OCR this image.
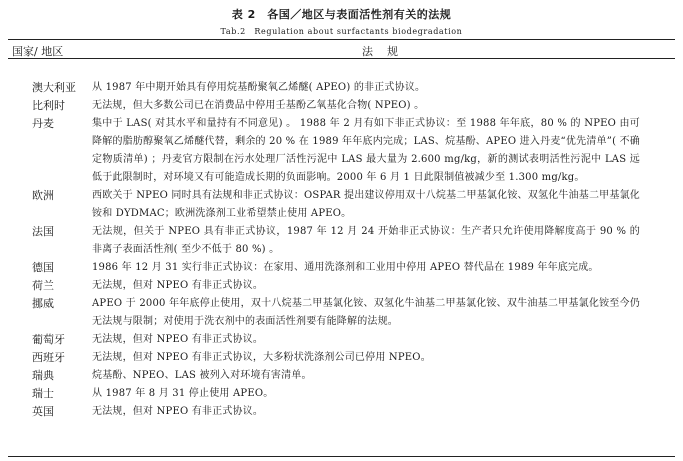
表 2　各国／地区与表面活性剂有关的法规
Tab.2　Regulation about surfactants biodegradation
国家/ 地区	法规
澳大利亚 从 1987 年中期开始具有停用烷基酚聚氧乙烯醚( APEO) 的非正式协议。
比利时	无法规，但大多数公司已在消费品中停用壬基酚乙氧基化合物( NPEO) 。
丹麦	集中于 LAS( 对其水平和量持有不同意见) 。 1988 年 2 月有如下非正式协议：至 1988 年年底，80 % 的 NPEO 由可降解的脂肪醇聚氧乙烯醚代替，剩余的 20 % 在 1989 年年底内完成；LAS、烷基酚、APEO 进入丹麦“优先清单”( 不确定物质清单) ；丹麦官方限制在污水处理厂活性污泥中 LAS 最大量为 2.600 mg/kg，新的测试表明活性污泥中 LAS 远低于此限制时，对环境又有可能造成长期的负面影响。2000 年 6 月 1 日此限制值被减少至 1.300 mg/kg。
欧洲	西欧关于 NPEO 同时具有法规和非正式协议：OSPAR 提出建议停用双十八烷基二甲基氯化铵、双氢化牛油基二甲基氯化铵和 DYDMAC；欧洲洗涤剂工业希望禁止使用 APEO。
法国	无法规，但关于 NPEO 具有非正式协议，1987 年 12 月 24 开始非正式协议：生产者只允许使用降解度高于 90 % 的非离子表面活性剂( 至少不低于 80 %) 。
德国	1986 年 12 月 31 实行非正式协议：在家用、通用洗涤剂和工业用中停用 APEO 替代品在 1989 年年底完成。
荷兰	无法规，但对 NPEO 有非正式协议。
挪威	APEO 于 2000 年年底停止使用，双十八烷基二甲基氯化铵、双氢化牛油基二甲基氯化铵、双牛油基二甲基氯化铵至今仍无法规与限制；对使用于洗衣剂中的表面活性剂要有能降解的法规。
葡萄牙	无法规，但对 NPEO 有非正式协议。
西班牙	无法规，但对 NPEO 有非正式协议，大多粉状洗涤剂公司已停用 NPEO。
瑞典	烷基酚、NPEO、LAS 被列入对环境有害清单。
瑞士	从 1987 年 8 月 31 停止使用 APEO。
英国	无法规，但对 NPEO 有非正式协议。
